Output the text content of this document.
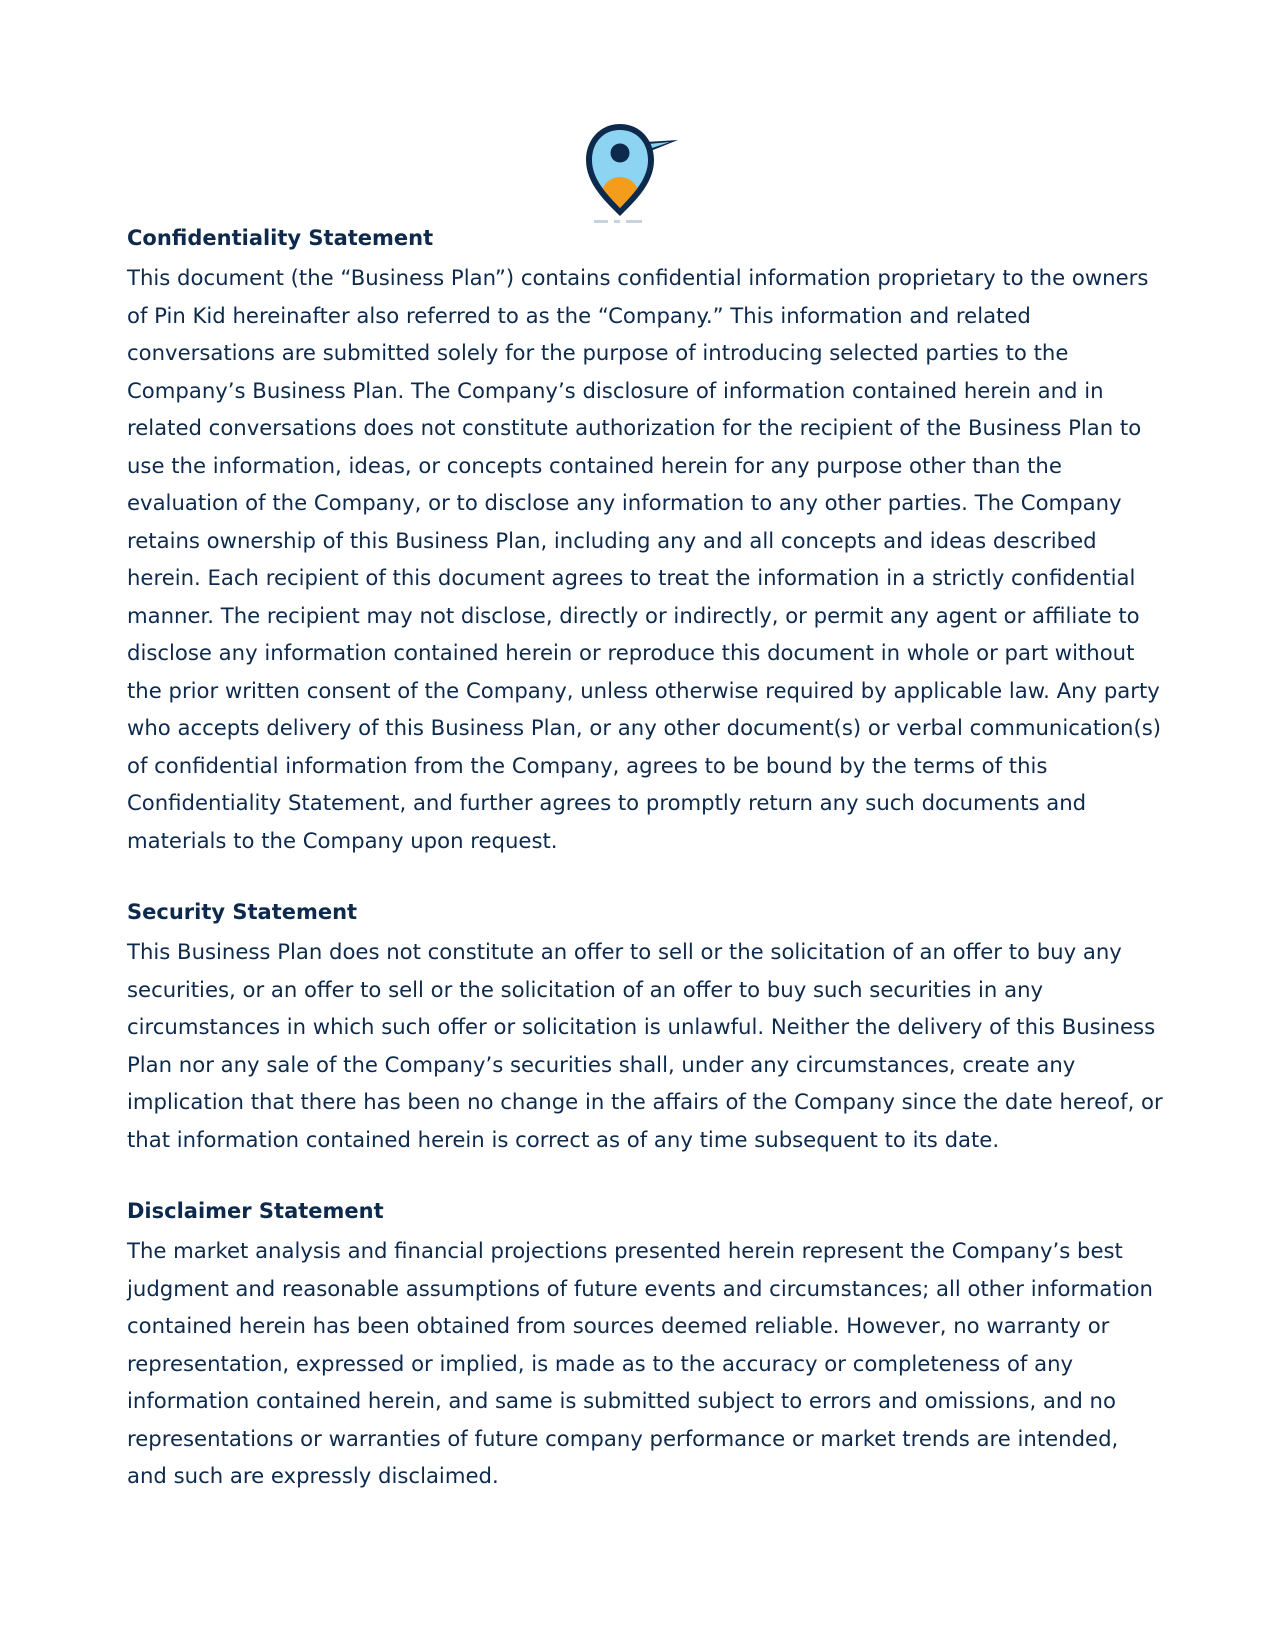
Confidentiality Statement

This document (the “Business Plan”) contains confidential information proprietary to the owners
of Pin Kid hereinafter also referred to as the “Company.” This information and related
conversations are submitted solely for the purpose of introducing selected parties to the
Company’s Business Plan. The Company’s disclosure of information contained herein and in
related conversations does not constitute authorization for the recipient of the Business Plan to
use the information, ideas, or concepts contained herein for any purpose other than the
evaluation of the Company, or to disclose any information to any other parties. The Company
retains ownership of this Business Plan, including any and all concepts and ideas described
herein. Each recipient of this document agrees to treat the information in a strictly confidential
manner. The recipient may not disclose, directly or indirectly, or permit any agent or affiliate to
disclose any information contained herein or reproduce this document in whole or part without
the prior written consent of the Company, unless otherwise required by applicable law. Any party
who accepts delivery of this Business Plan, or any other document(s) or verbal communication(s)
of confidential information from the Company, agrees to be bound by the terms of this
Confidentiality Statement, and further agrees to promptly return any such documents and
materials to the Company upon request.

Security Statement

This Business Plan does not constitute an offer to sell or the solicitation of an offer to buy any
securities, or an offer to sell or the solicitation of an offer to buy such securities in any
circumstances in which such offer or solicitation is unlawful. Neither the delivery of this Business
Plan nor any sale of the Company’s securities shall, under any circumstances, create any
implication that there has been no change in the affairs of the Company since the date hereof, or
that information contained herein is correct as of any time subsequent to its date.

Disclaimer Statement

The market analysis and financial projections presented herein represent the Company’s best
judgment and reasonable assumptions of future events and circumstances; all other information
contained herein has been obtained from sources deemed reliable. However, no warranty or
representation, expressed or implied, is made as to the accuracy or completeness of any
information contained herein, and same is submitted subject to errors and omissions, and no
representations or warranties of future company performance or market trends are intended,
and such are expressly disclaimed.
